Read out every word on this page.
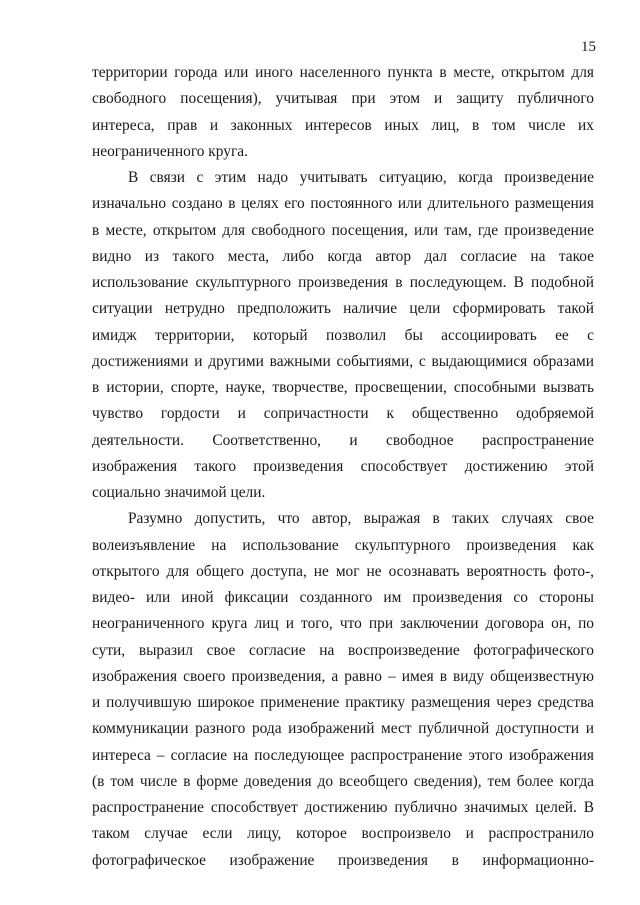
15
территории города или иного населенного пункта в месте, открытом для
свободного посещения), учитывая при этом и защиту публичного
интереса, прав и законных интересов иных лиц, в том числе их
неограниченного круга.
В связи с этим надо учитывать ситуацию, когда произведение
изначально создано в целях его постоянного или длительного размещения
в месте, открытом для свободного посещения, или там, где произведение
видно из такого места, либо когда автор дал согласие на такое
использование скульптурного произведения в последующем. В подобной
ситуации нетрудно предположить наличие цели сформировать такой
имидж территории, который позволил бы ассоциировать ее с
достижениями и другими важными событиями, с выдающимися образами
в истории, спорте, науке, творчестве, просвещении, способными вызвать
чувство гордости и сопричастности к общественно одобряемой
деятельности. Соответственно, и свободное распространение
изображения такого произведения способствует достижению этой
социально значимой цели.
Разумно допустить, что автор, выражая в таких случаях свое
волеизъявление на использование скульптурного произведения как
открытого для общего доступа, не мог не осознавать вероятность фото-,
видео- или иной фиксации созданного им произведения со стороны
неограниченного круга лиц и того, что при заключении договора он, по
сути, выразил свое согласие на воспроизведение фотографического
изображения своего произведения, а равно – имея в виду общеизвестную
и получившую широкое применение практику размещения через средства
коммуникации разного рода изображений мест публичной доступности и
интереса – согласие на последующее распространение этого изображения
(в том числе в форме доведения до всеобщего сведения), тем более когда
распространение способствует достижению публично значимых целей. В
таком случае если лицу, которое воспроизвело и распространило
фотографическое изображение произведения в информационно-
